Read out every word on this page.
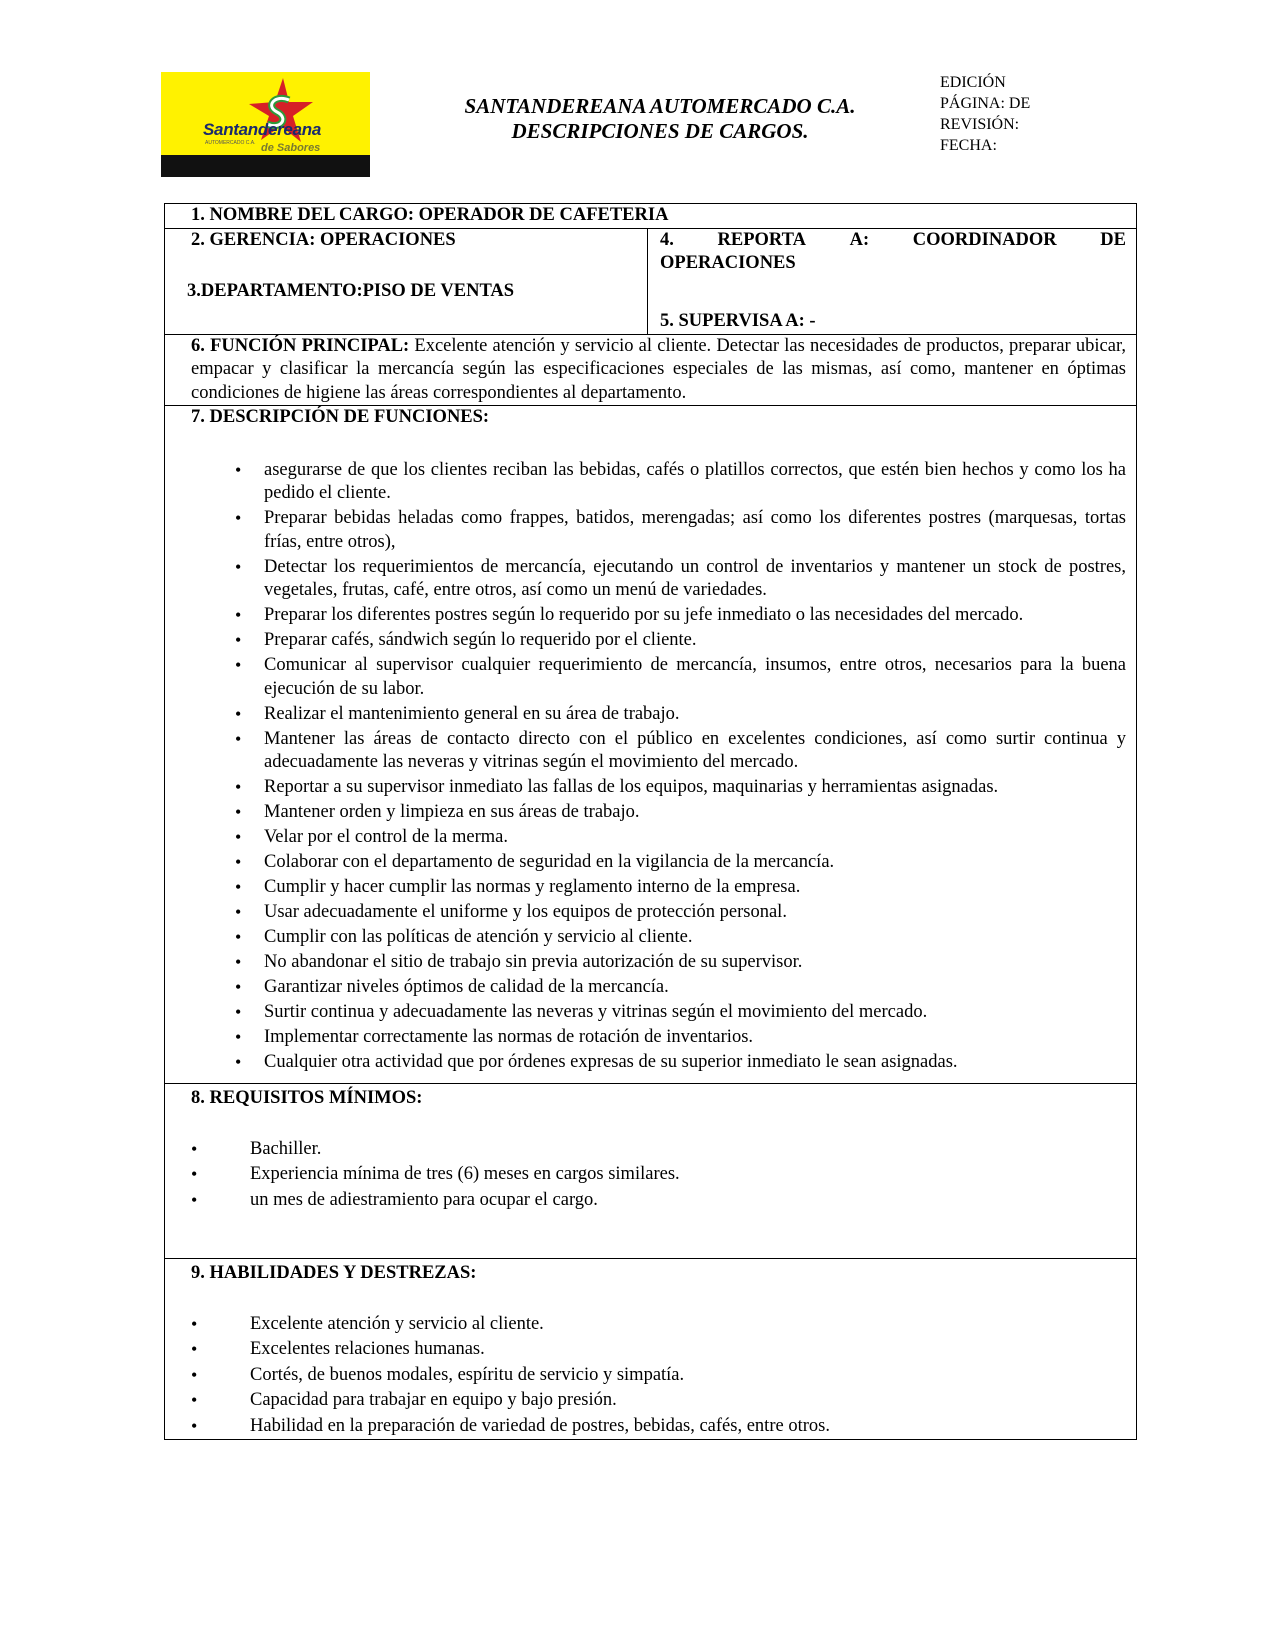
Santandereana
AUTOMERCADO C.A. de Sabores
SANTANDEREANA AUTOMERCADO C.A.
DESCRIPCIONES DE CARGOS.
EDICIÓN
PÁGINA: DE
REVISIÓN:
FECHA:
1. NOMBRE DEL CARGO: OPERADOR DE CAFETERIA
2. GERENCIA: OPERACIONES
3.DEPARTAMENTO:PISO DE VENTAS
4. REPORTA A: COORDINADOR DE
OPERACIONES
5. SUPERVISA A: -
6. FUNCIÓN PRINCIPAL: Excelente atención y servicio al cliente. Detectar las necesidades de productos, preparar ubicar, empacar y clasificar la mercancía según las especificaciones especiales de las mismas, así como, mantener en óptimas condiciones de higiene las áreas correspondientes al departamento.
7. DESCRIPCIÓN DE FUNCIONES:
• asegurarse de que los clientes reciban las bebidas, cafés o platillos correctos, que estén bien hechos y como los ha pedido el cliente.
• Preparar bebidas heladas como frappes, batidos, merengadas; así como los diferentes postres (marquesas, tortas frías, entre otros),
• Detectar los requerimientos de mercancía, ejecutando un control de inventarios y mantener un stock de postres, vegetales, frutas, café, entre otros, así como un menú de variedades.
• Preparar los diferentes postres según lo requerido por su jefe inmediato o las necesidades del mercado.
• Preparar cafés, sándwich según lo requerido por el cliente.
• Comunicar al supervisor cualquier requerimiento de mercancía, insumos, entre otros, necesarios para la buena ejecución de su labor.
• Realizar el mantenimiento general en su área de trabajo.
• Mantener las áreas de contacto directo con el público en excelentes condiciones, así como surtir continua y adecuadamente las neveras y vitrinas según el movimiento del mercado.
• Reportar a su supervisor inmediato las fallas de los equipos, maquinarias y herramientas asignadas.
• Mantener orden y limpieza en sus áreas de trabajo.
• Velar por el control de la merma.
• Colaborar con el departamento de seguridad en la vigilancia de la mercancía.
• Cumplir y hacer cumplir las normas y reglamento interno de la empresa.
• Usar adecuadamente el uniforme y los equipos de protección personal.
• Cumplir con las políticas de atención y servicio al cliente.
• No abandonar el sitio de trabajo sin previa autorización de su supervisor.
• Garantizar niveles óptimos de calidad de la mercancía.
• Surtir continua y adecuadamente las neveras y vitrinas según el movimiento del mercado.
• Implementar correctamente las normas de rotación de inventarios.
• Cualquier otra actividad que por órdenes expresas de su superior inmediato le sean asignadas.
8. REQUISITOS MÍNIMOS:
• Bachiller.
• Experiencia mínima de tres (6) meses en cargos similares.
• un mes de adiestramiento para ocupar el cargo.
9. HABILIDADES Y DESTREZAS:
• Excelente atención y servicio al cliente.
• Excelentes relaciones humanas.
• Cortés, de buenos modales, espíritu de servicio y simpatía.
• Capacidad para trabajar en equipo y bajo presión.
• Habilidad en la preparación de variedad de postres, bebidas, cafés, entre otros.
